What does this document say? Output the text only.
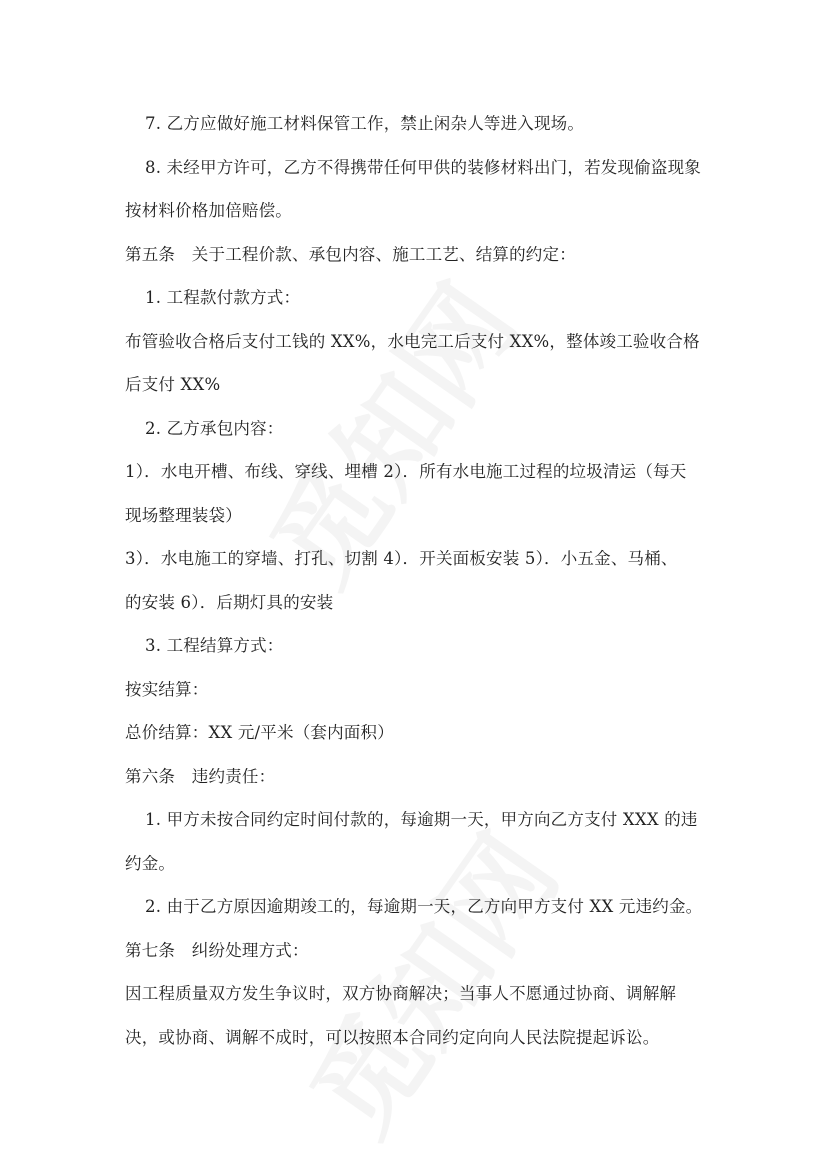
7. 乙方应做好施工材料保管工作，禁止闲杂人等进入现场。
8. 未经甲方许可，乙方不得携带任何甲供的装修材料出门，若发现偷盗现象
按材料价格加倍赔偿。
第五条　关于工程价款、承包内容、施工工艺、结算的约定：
1. 工程款付款方式：
布管验收合格后支付工钱的 XX%，水电完工后支付 XX%，整体竣工验收合格
后支付 XX%
2. 乙方承包内容：
1）．水电开槽、布线、穿线、埋槽 2）．所有水电施工过程的垃圾清运（每天
现场整理装袋）
3）．水电施工的穿墙、打孔、切割 4）．开关面板安装 5）．小五金、马桶、
的安装 6）．后期灯具的安装
3. 工程结算方式：
按实结算：
总价结算：XX 元/平米（套内面积）
第六条　违约责任：
1. 甲方未按合同约定时间付款的，每逾期一天，甲方向乙方支付 XXX 的违
约金。
2. 由于乙方原因逾期竣工的，每逾期一天，乙方向甲方支付 XX 元违约金。
第七条　纠纷处理方式：
因工程质量双方发生争议时，双方协商解决；当事人不愿通过协商、调解解
决，或协商、调解不成时，可以按照本合同约定向向人民法院提起诉讼。
